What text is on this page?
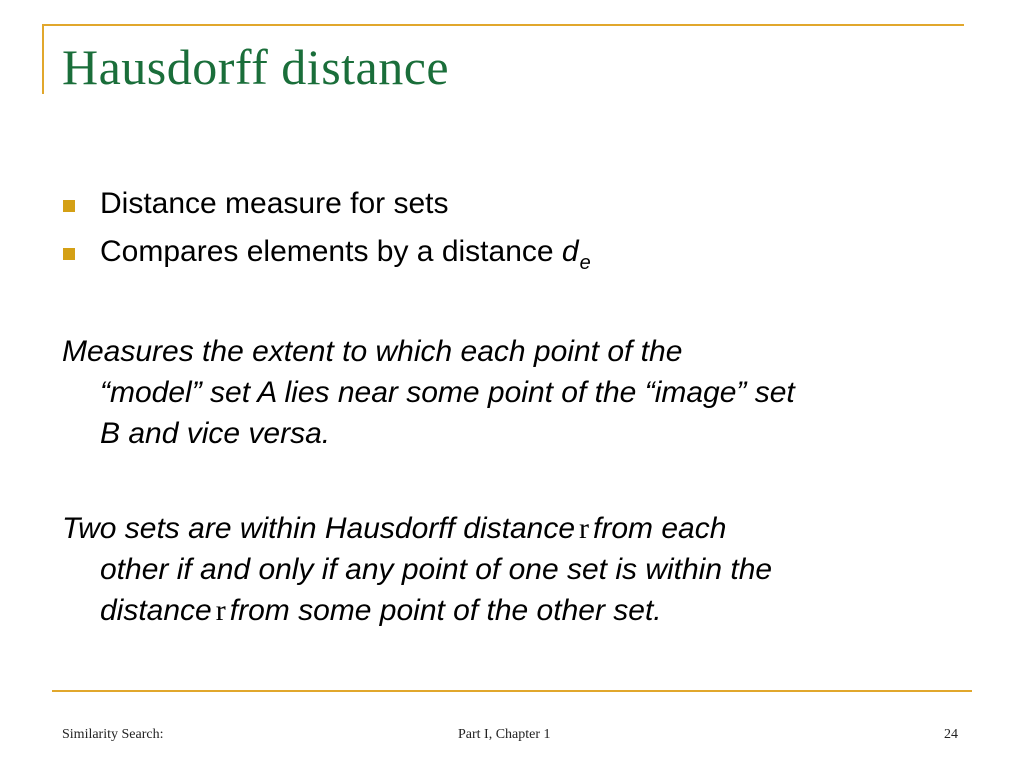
Hausdorff distance
Distance measure for sets
Compares elements by a distance $d_e$
Measures the extent to which each point of the
“model” set A lies near some point of the “image” set
B and vice versa.
Two sets are within Hausdorff distance r from each
other if and only if any point of one set is within the
distance r from some point of the other set.
Similarity Search:	Part I, Chapter 1	24
